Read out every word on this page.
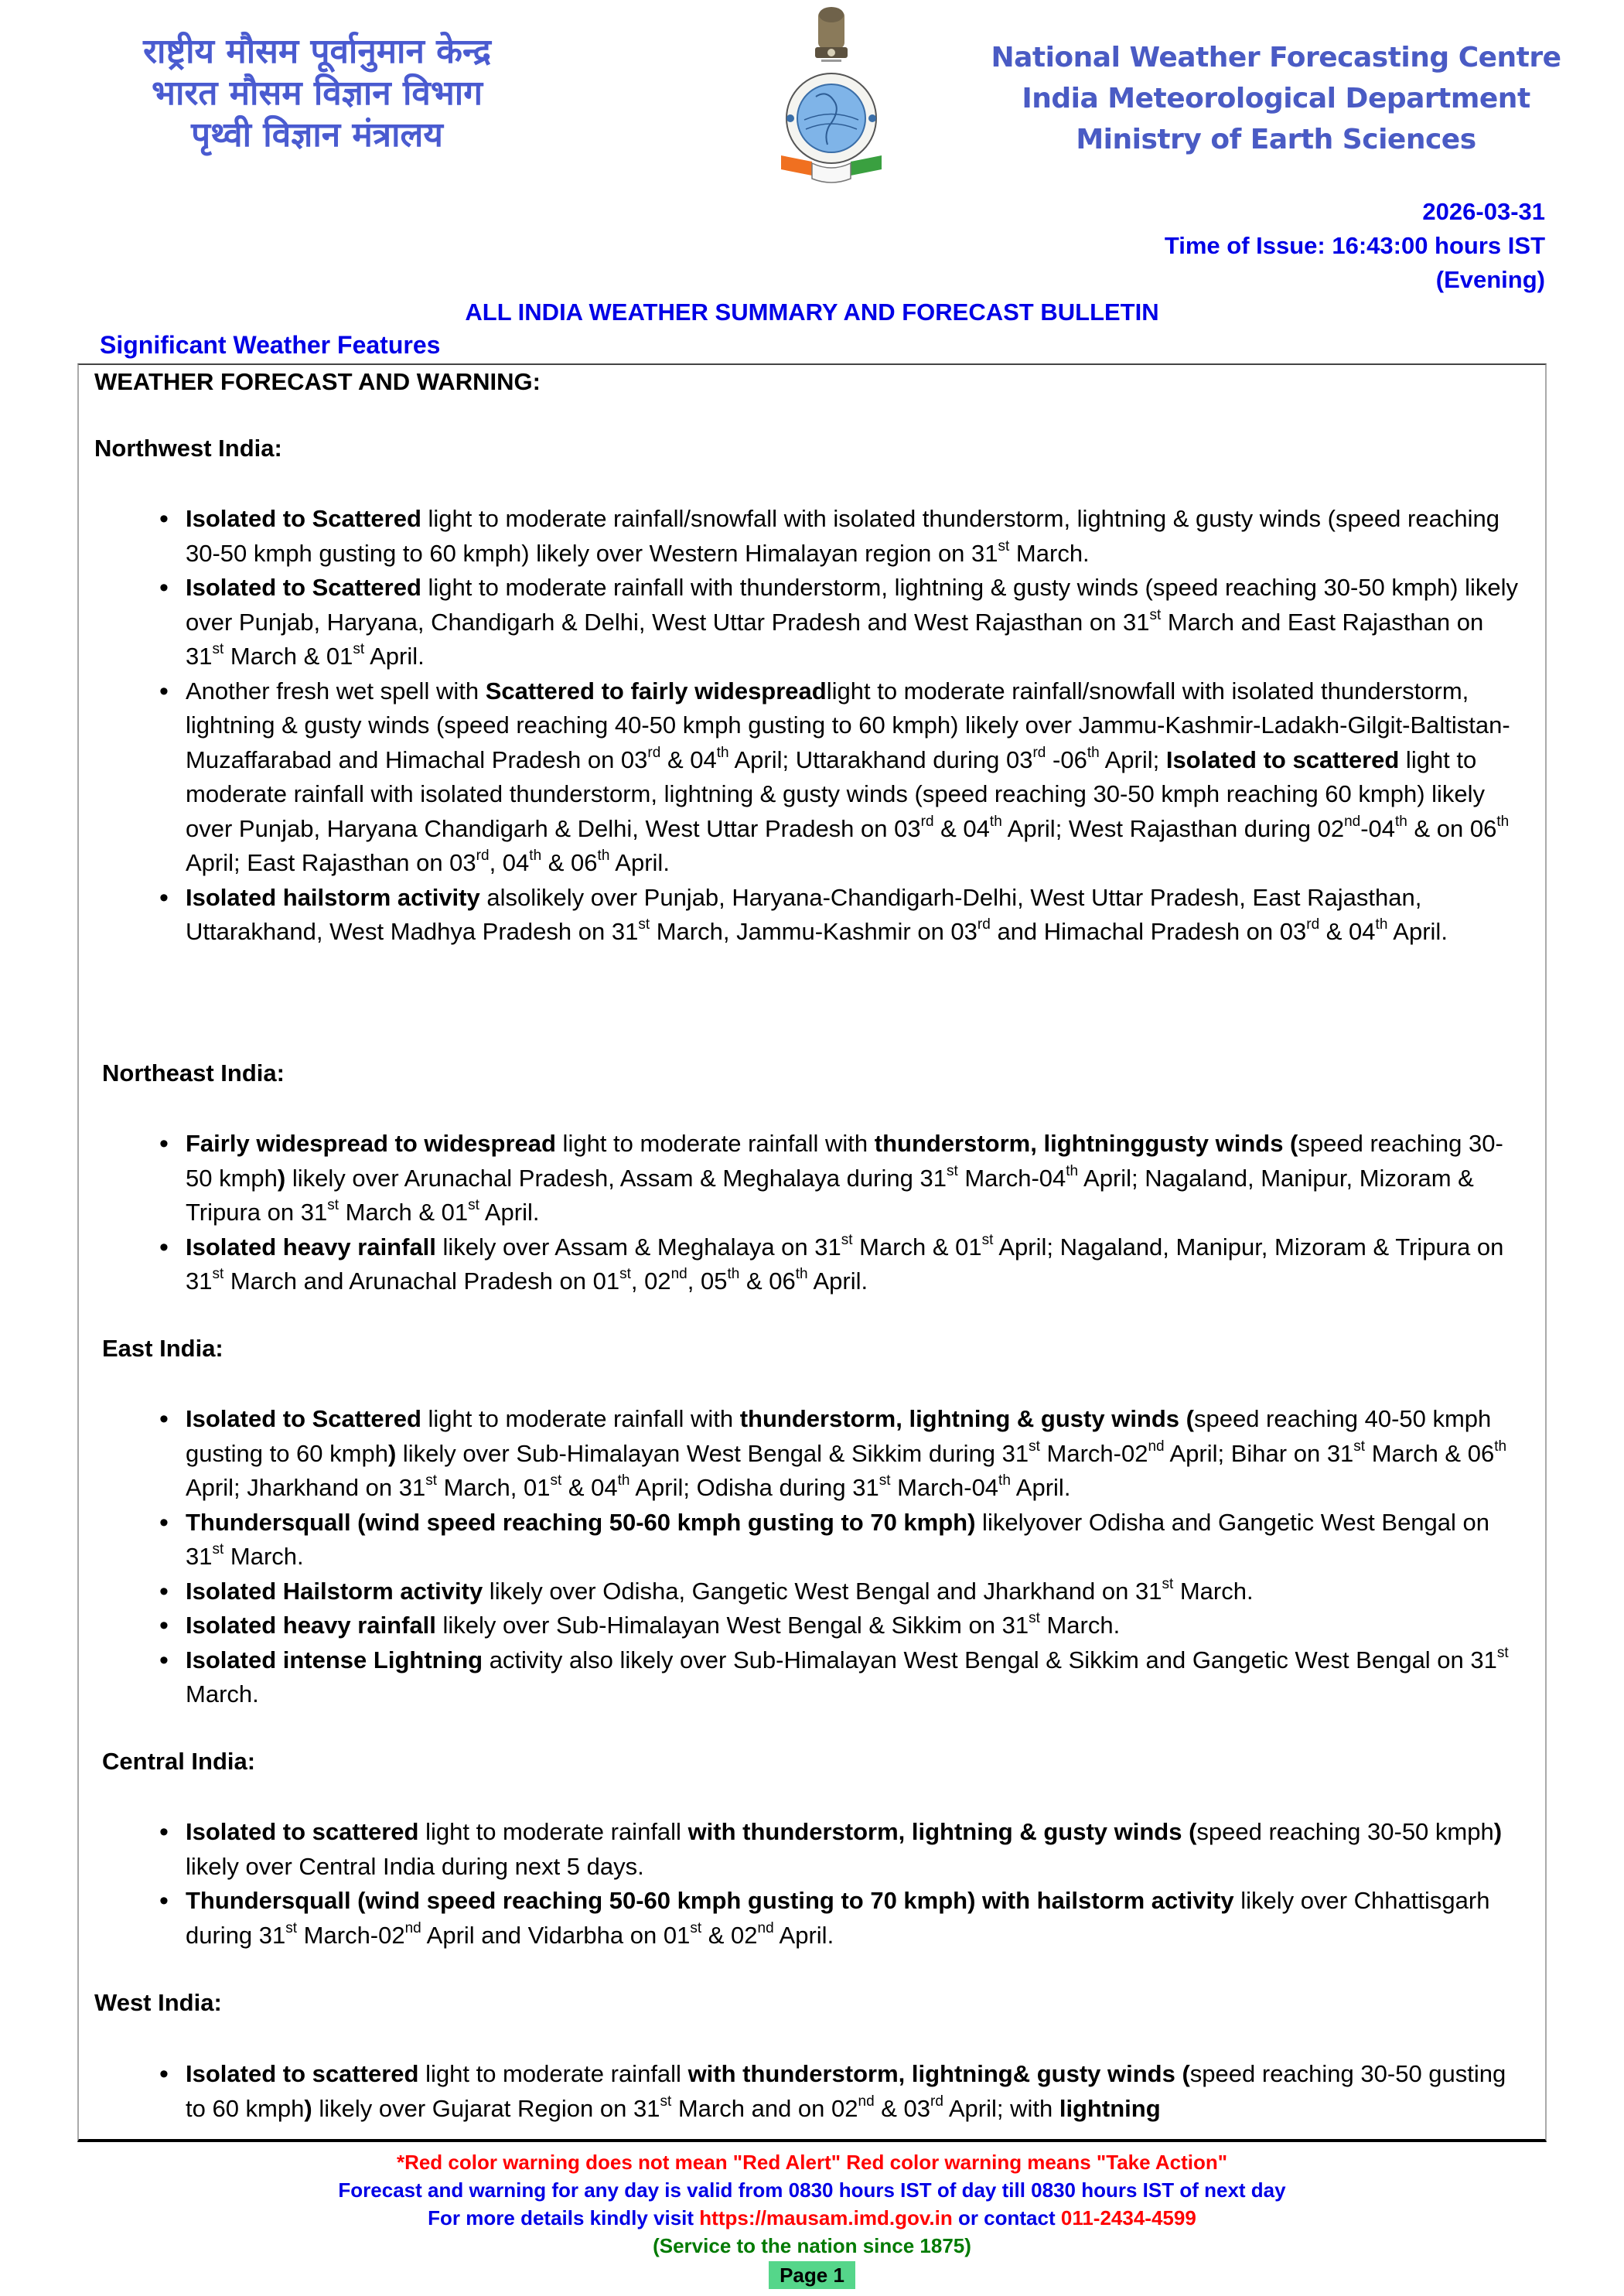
राष्ट्रीय मौसम पूर्वानुमान केन्द्र
भारत मौसम विज्ञान विभाग
पृथ्वी विज्ञान मंत्रालय
National Weather Forecasting Centre
India Meteorological Department
Ministry of Earth Sciences
2026-03-31
Time of Issue: 16:43:00 hours IST
(Evening)
ALL INDIA WEATHER SUMMARY AND FORECAST BULLETIN
Significant Weather Features
WEATHER FORECAST AND WARNING:
Northwest India:
• Isolated to Scattered light to moderate rainfall/snowfall with isolated thunderstorm, lightning & gusty winds (speed reaching 30-50 kmph gusting to 60 kmph) likely over Western Himalayan region on 31st March.
• Isolated to Scattered light to moderate rainfall with thunderstorm, lightning & gusty winds (speed reaching 30-50 kmph) likely over Punjab, Haryana, Chandigarh & Delhi, West Uttar Pradesh and West Rajasthan on 31st March and East Rajasthan on 31st March & 01st April.
• Another fresh wet spell with Scattered to fairly widespreadlight to moderate rainfall/snowfall with isolated thunderstorm, lightning & gusty winds (speed reaching 40-50 kmph gusting to 60 kmph) likely over Jammu-Kashmir-Ladakh-Gilgit-Baltistan-Muzaffarabad and Himachal Pradesh on 03rd & 04th April; Uttarakhand during 03rd -06th April; Isolated to scattered light to moderate rainfall with isolated thunderstorm, lightning & gusty winds (speed reaching 30-50 kmph reaching 60 kmph) likely over Punjab, Haryana Chandigarh & Delhi, West Uttar Pradesh on 03rd & 04th April; West Rajasthan during 02nd-04th & on 06th April; East Rajasthan on 03rd, 04th & 06th April.
• Isolated hailstorm activity alsolikely over Punjab, Haryana-Chandigarh-Delhi, West Uttar Pradesh, East Rajasthan, Uttarakhand, West Madhya Pradesh on 31st March, Jammu-Kashmir on 03rd and Himachal Pradesh on 03rd & 04th April.
Northeast India:
• Fairly widespread to widespread light to moderate rainfall with thunderstorm, lightninggusty winds (speed reaching 30-50 kmph) likely over Arunachal Pradesh, Assam & Meghalaya during 31st March-04th April; Nagaland, Manipur, Mizoram & Tripura on 31st March & 01st April.
• Isolated heavy rainfall likely over Assam & Meghalaya on 31st March & 01st April; Nagaland, Manipur, Mizoram & Tripura on 31st March and Arunachal Pradesh on 01st, 02nd, 05th & 06th April.
East India:
• Isolated to Scattered light to moderate rainfall with thunderstorm, lightning & gusty winds (speed reaching 40-50 kmph gusting to 60 kmph) likely over Sub-Himalayan West Bengal & Sikkim during 31st March-02nd April; Bihar on 31st March & 06th April; Jharkhand on 31st March, 01st & 04th April; Odisha during 31st March-04th April.
• Thundersquall (wind speed reaching 50-60 kmph gusting to 70 kmph) likelyover Odisha and Gangetic West Bengal on 31st March.
• Isolated Hailstorm activity likely over Odisha, Gangetic West Bengal and Jharkhand on 31st March.
• Isolated heavy rainfall likely over Sub-Himalayan West Bengal & Sikkim on 31st March.
• Isolated intense Lightning activity also likely over Sub-Himalayan West Bengal & Sikkim and Gangetic West Bengal on 31st March.
Central India:
• Isolated to scattered light to moderate rainfall with thunderstorm, lightning & gusty winds (speed reaching 30-50 kmph) likely over Central India during next 5 days.
• Thundersquall (wind speed reaching 50-60 kmph gusting to 70 kmph) with hailstorm activity likely over Chhattisgarh during 31st March-02nd April and Vidarbha on 01st & 02nd April.
West India:
• Isolated to scattered light to moderate rainfall with thunderstorm, lightning& gusty winds (speed reaching 30-50 gusting to 60 kmph) likely over Gujarat Region on 31st March and on 02nd & 03rd April; with lightning
*Red color warning does not mean "Red Alert" Red color warning means "Take Action"
Forecast and warning for any day is valid from 0830 hours IST of day till 0830 hours IST of next day
For more details kindly visit https://mausam.imd.gov.in or contact 011-2434-4599
(Service to the nation since 1875)
Page 1
